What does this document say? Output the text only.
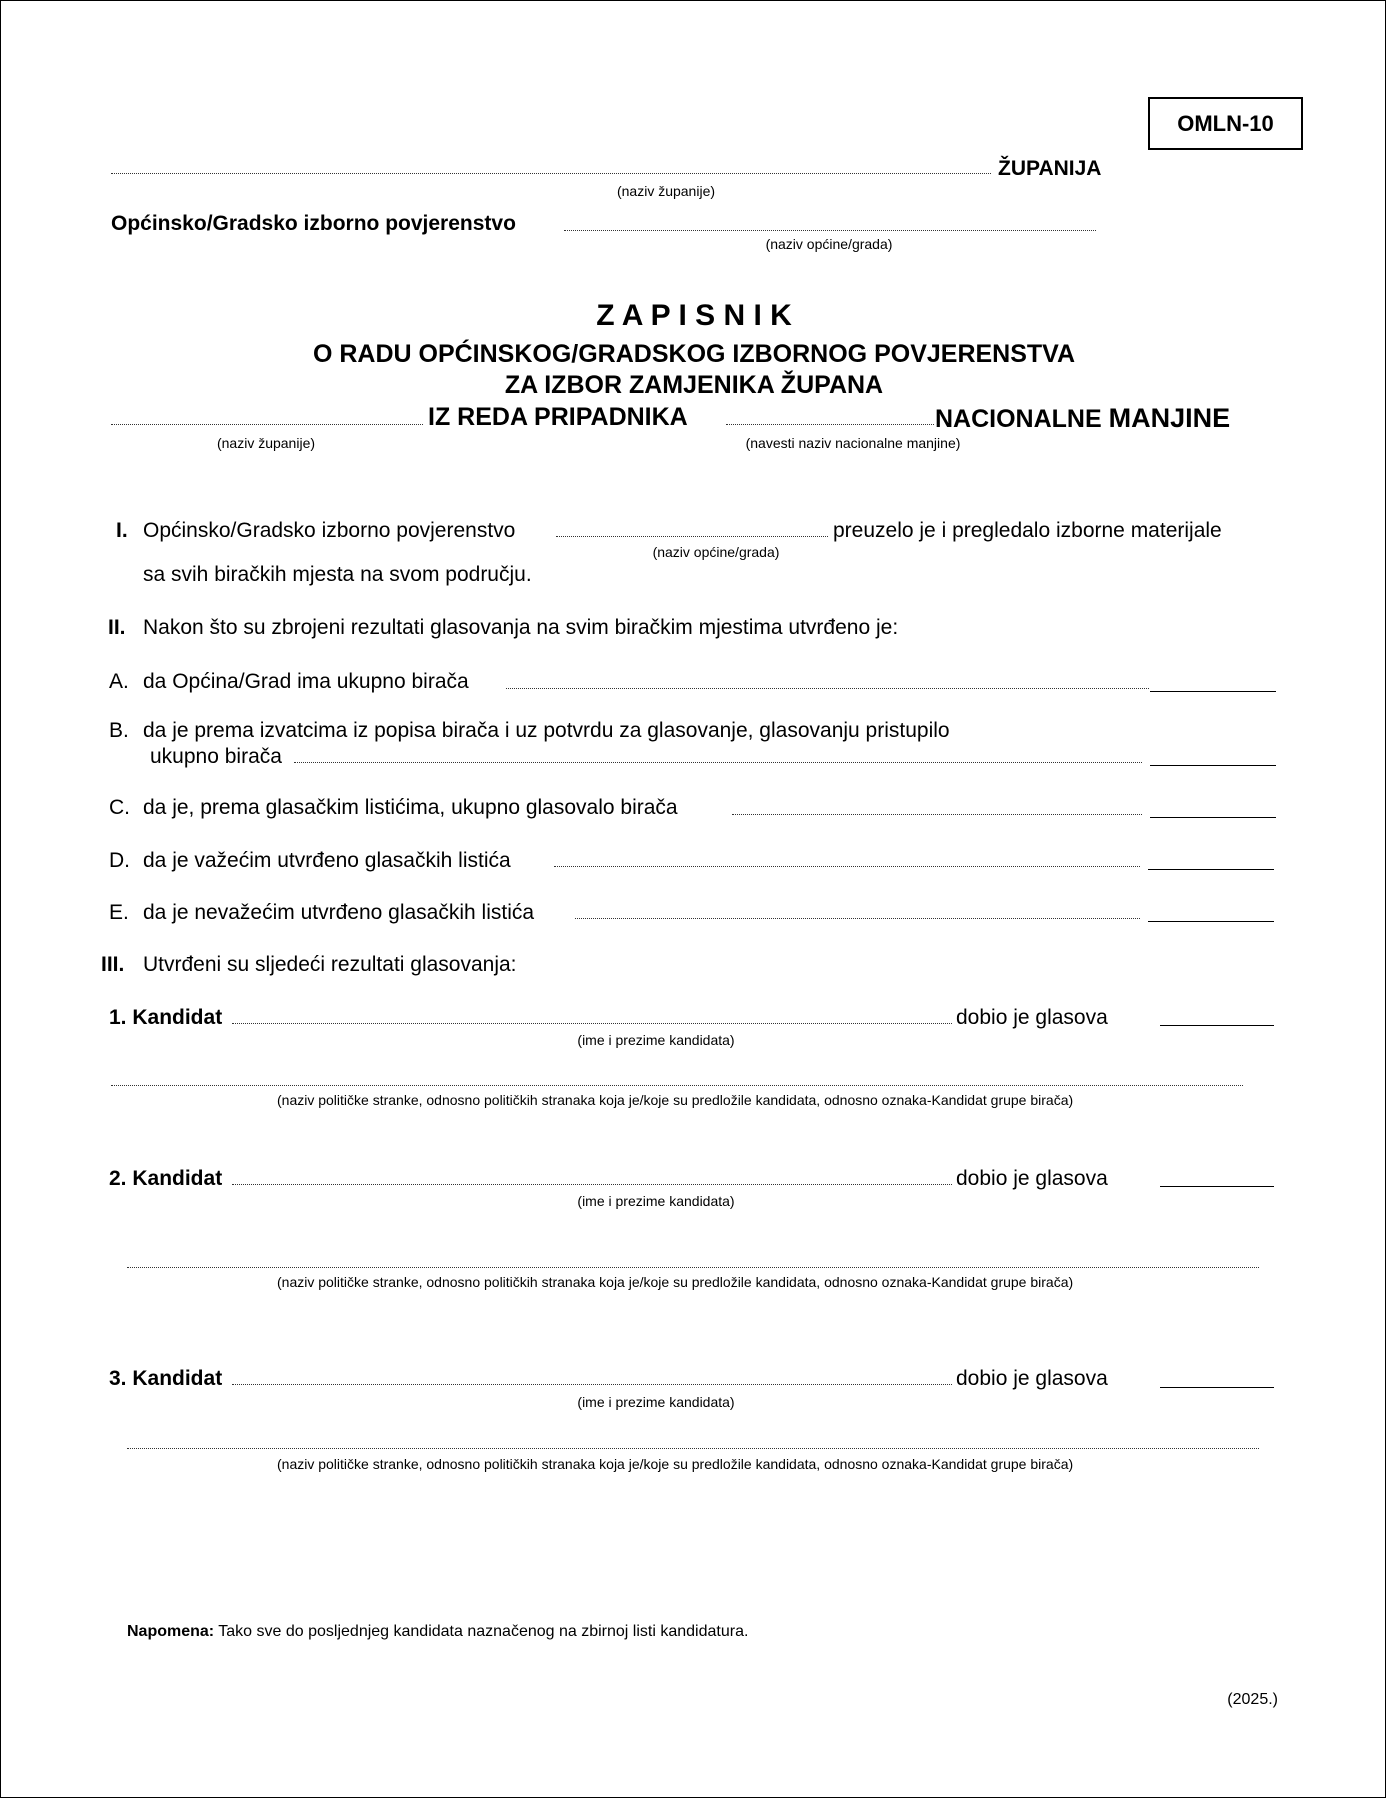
OMLN-10
ŽUPANIJA
(naziv županije)
Općinsko/Gradsko izborno povjerenstvo
(naziv općine/grada)
Z A P I S N I K
O RADU OPĆINSKOG/GRADSKOG IZBORNOG POVJERENSTVA
ZA IZBOR ZAMJENIKA ŽUPANA
IZ REDA PRIPADNIKA	NACIONALNE MANJINE
(naziv županije)	(navesti naziv nacionalne manjine)
I. Općinsko/Gradsko izborno povjerenstvo	preuzelo je i pregledalo izborne materijale
(naziv općine/grada)
sa svih biračkih mjesta na svom području.
II. Nakon što su zbrojeni rezultati glasovanja na svim biračkim mjestima utvrđeno je:
A. da Općina/Grad ima ukupno birača
B. da je prema izvatcima iz popisa birača i uz potvrdu za glasovanje, glasovanju pristupilo
ukupno birača
C. da je, prema glasačkim listićima, ukupno glasovalo birača
D. da je važećim utvrđeno glasačkih listića
E. da je nevažećim utvrđeno glasačkih listića
III. Utvrđeni su sljedeći rezultati glasovanja:
1. Kandidat	dobio je glasova
(ime i prezime kandidata)
(naziv političke stranke, odnosno političkih stranaka koja je/koje su predložile kandidata, odnosno oznaka-Kandidat grupe birača)
2. Kandidat	dobio je glasova
(ime i prezime kandidata)
(naziv političke stranke, odnosno političkih stranaka koja je/koje su predložile kandidata, odnosno oznaka-Kandidat grupe birača)
3. Kandidat	dobio je glasova
(ime i prezime kandidata)
(naziv političke stranke, odnosno političkih stranaka koja je/koje su predložile kandidata, odnosno oznaka-Kandidat grupe birača)
Napomena: Tako sve do posljednjeg kandidata naznačenog na zbirnoj listi kandidatura.
(2025.)
